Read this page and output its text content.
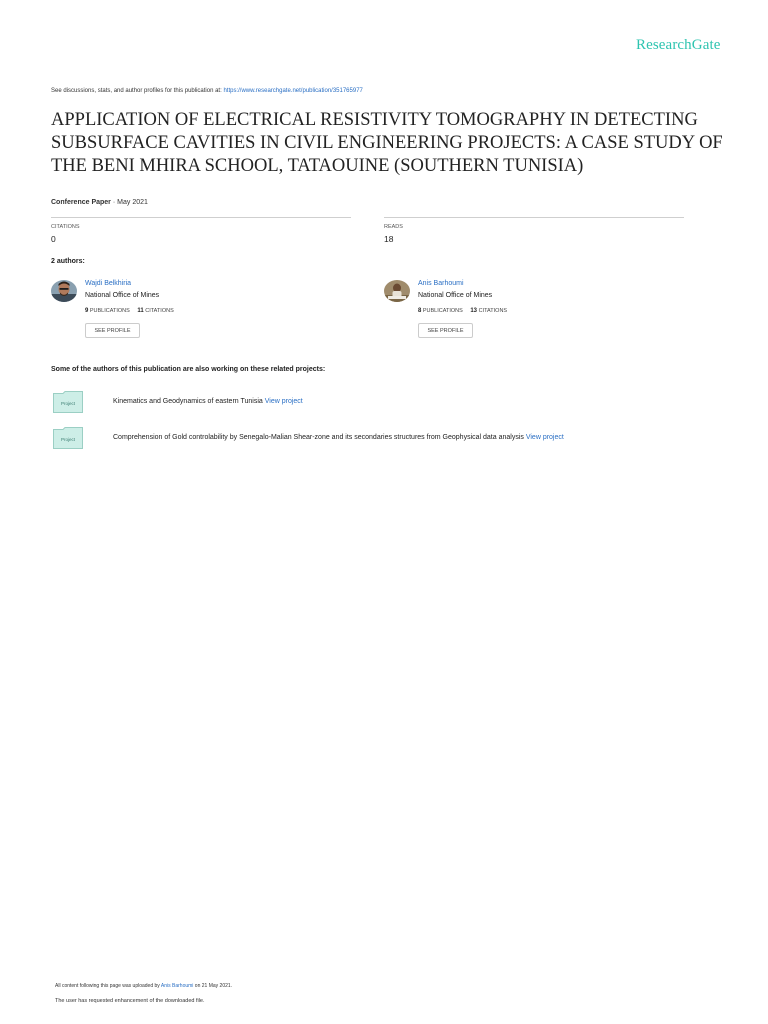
ResearchGate
See discussions, stats, and author profiles for this publication at: https://www.researchgate.net/publication/351765977
APPLICATION OF ELECTRICAL RESISTIVITY TOMOGRAPHY IN DETECTING SUBSURFACE CAVITIES IN CIVIL ENGINEERING PROJECTS: A CASE STUDY OF THE BENI MHIRA SCHOOL, TATAOUINE (SOUTHERN TUNISIA)
Conference Paper · May 2021
CITATIONS
0
READS
18
2 authors:
Wajdi Belkhiria
National Office of Mines
9 PUBLICATIONS 11 CITATIONS
SEE PROFILE
Anis Barhoumi
National Office of Mines
8 PUBLICATIONS 13 CITATIONS
SEE PROFILE
Some of the authors of this publication are also working on these related projects:
Project	Kinematics and Geodynamics of eastern Tunisia View project
Project	Comprehension of Gold controlability by Senegalo-Malian Shear-zone and its secondaries structures from Geophysical data analysis View project
All content following this page was uploaded by Anis Barhoumi on 21 May 2021.
The user has requested enhancement of the downloaded file.
